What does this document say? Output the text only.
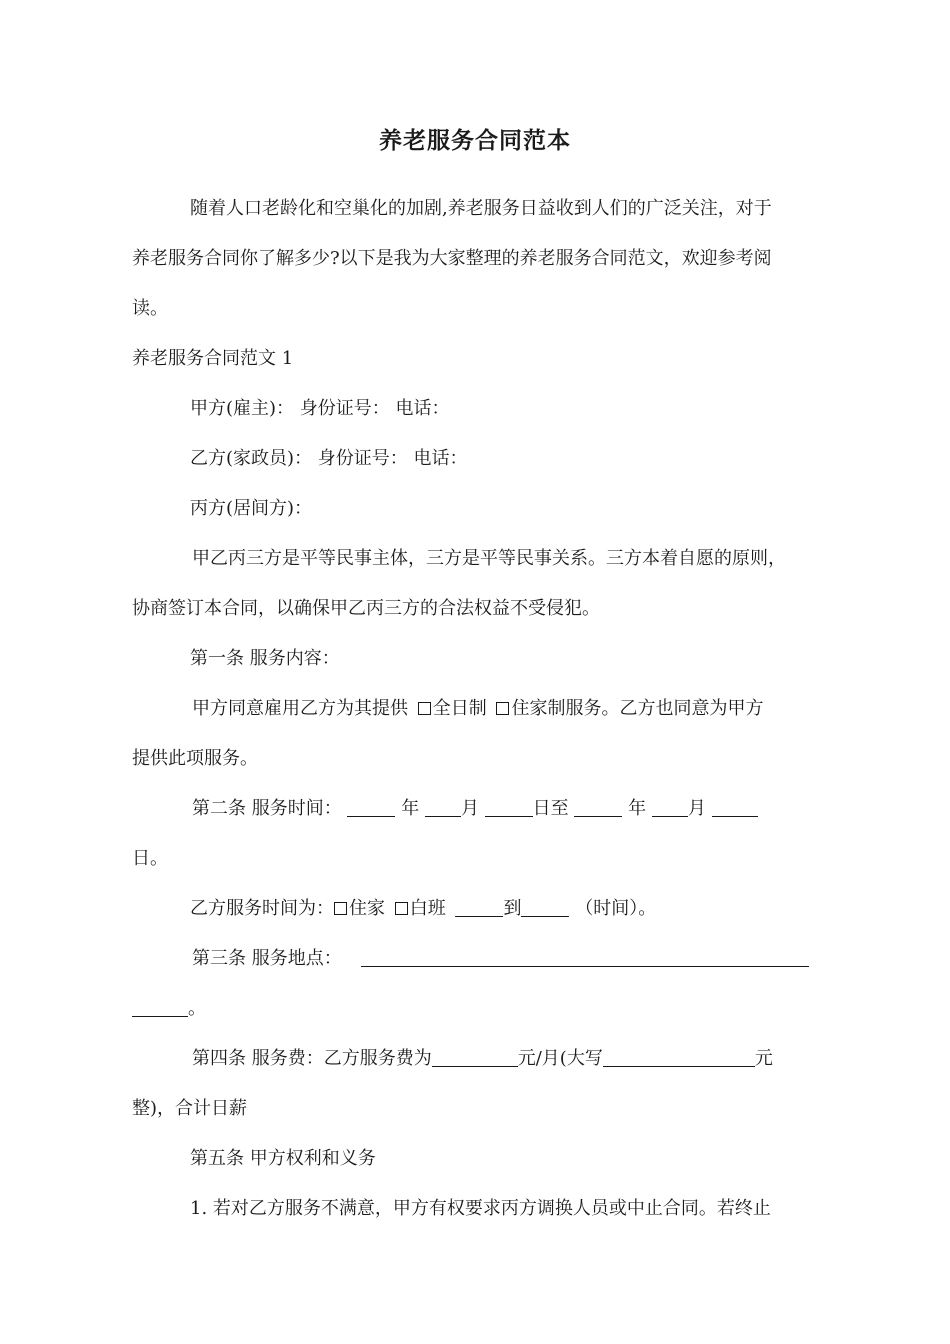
养老服务合同范本
随着人口老龄化和空巢化的加剧,养老服务日益收到人们的广泛关注，对于
养老服务合同你了解多少?以下是我为大家整理的养老服务合同范文，欢迎参考阅
读。
养老服务合同范文 1
甲方(雇主)： 身份证号： 电话：
乙方(家政员)： 身份证号： 电话：
丙方(居间方)：
甲乙丙三方是平等民事主体，三方是平等民事关系。三方本着自愿的原则，
协商签订本合同，以确保甲乙丙三方的合法权益不受侵犯。
第一条 服务内容：
甲方同意雇用乙方为其提供 全日制 住家制服务。乙方也同意为甲方
提供此项服务。
第二条 服务时间：	年 月	日至	年 月
日。
乙方服务时间为： 住家 白班	到	（时间）。
第三条 服务地点：
。
第四条 服务费：乙方服务费为	元/月(大写	元
整)，合计日薪
第五条 甲方权利和义务
1. 若对乙方服务不满意，甲方有权要求丙方调换人员或中止合同。若终止
